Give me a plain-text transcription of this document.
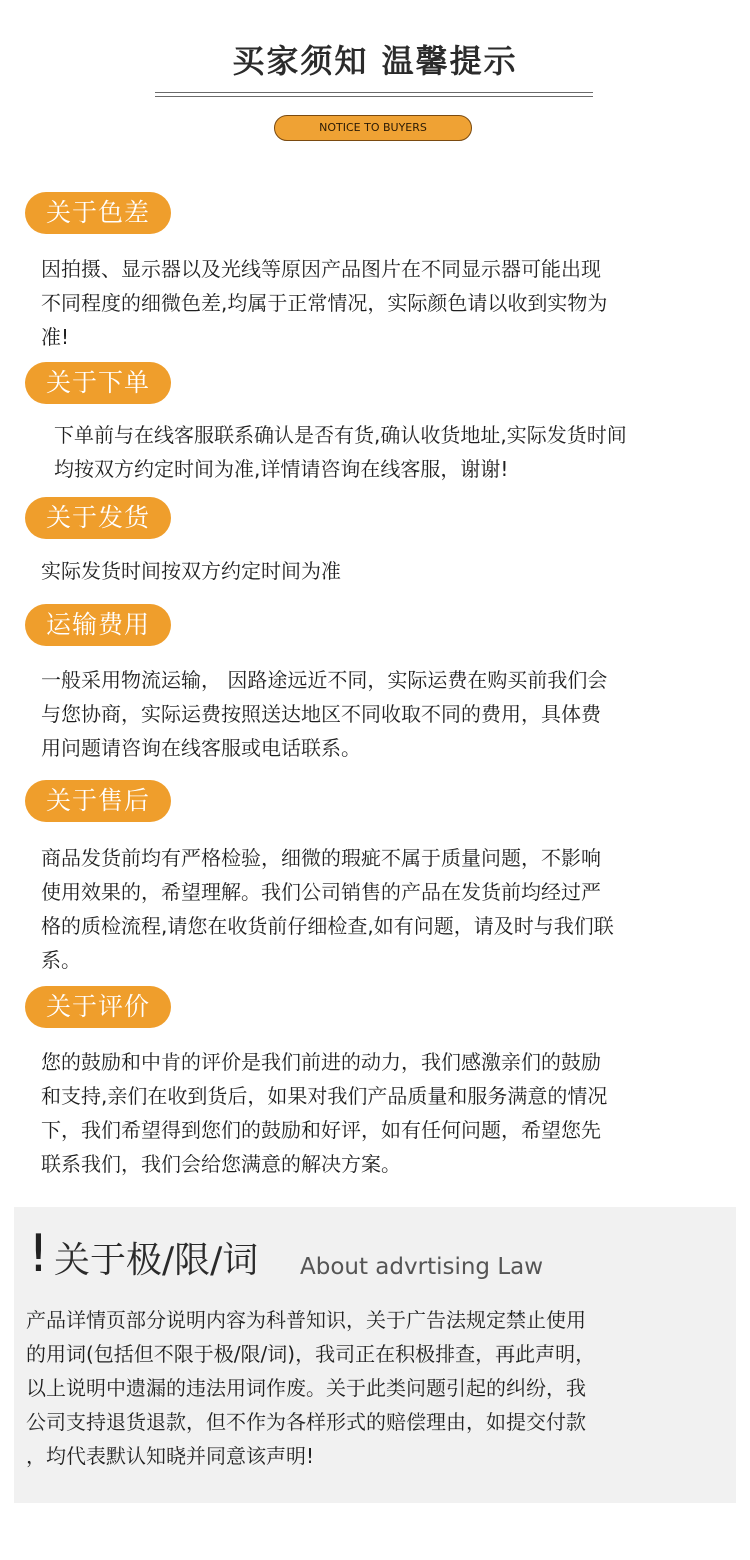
买家须知 温馨提示
NOTICE TO BUYERS
关于色差
因拍摄、显示器以及光线等原因产品图片在不同显示器可能出现
不同程度的细微色差,均属于正常情况，实际颜色请以收到实物为
准!
关于下单
下单前与在线客服联系确认是否有货,确认收货地址,实际发货时间
均按双方约定时间为准,详情请咨询在线客服，谢谢!
关于发货
实际发货时间按双方约定时间为准
运输费用
一般采用物流运输， 因路途远近不同，实际运费在购买前我们会
与您协商，实际运费按照送达地区不同收取不同的费用，具体费
用问题请咨询在线客服或电话联系。
关于售后
商品发货前均有严格检验，细微的瑕疵不属于质量问题，不影响
使用效果的，希望理解。我们公司销售的产品在发货前均经过严
格的质检流程,请您在收货前仔细检查,如有问题，请及时与我们联
系。
关于评价
您的鼓励和中肯的评价是我们前进的动力，我们感激亲们的鼓励
和支持,亲们在收到货后，如果对我们产品质量和服务满意的情况
下，我们希望得到您们的鼓励和好评，如有任何问题，希望您先
联系我们，我们会给您满意的解决方案。
! 关于极/限/词 About advrtising Law
产品详情页部分说明内容为科普知识，关于广告法规定禁止使用
的用词(包括但不限于极/限/词)，我司正在积极排查，再此声明，
以上说明中遗漏的违法用词作废。关于此类问题引起的纠纷，我
公司支持退货退款，但不作为各样形式的赔偿理由，如提交付款
，均代表默认知晓并同意该声明!
